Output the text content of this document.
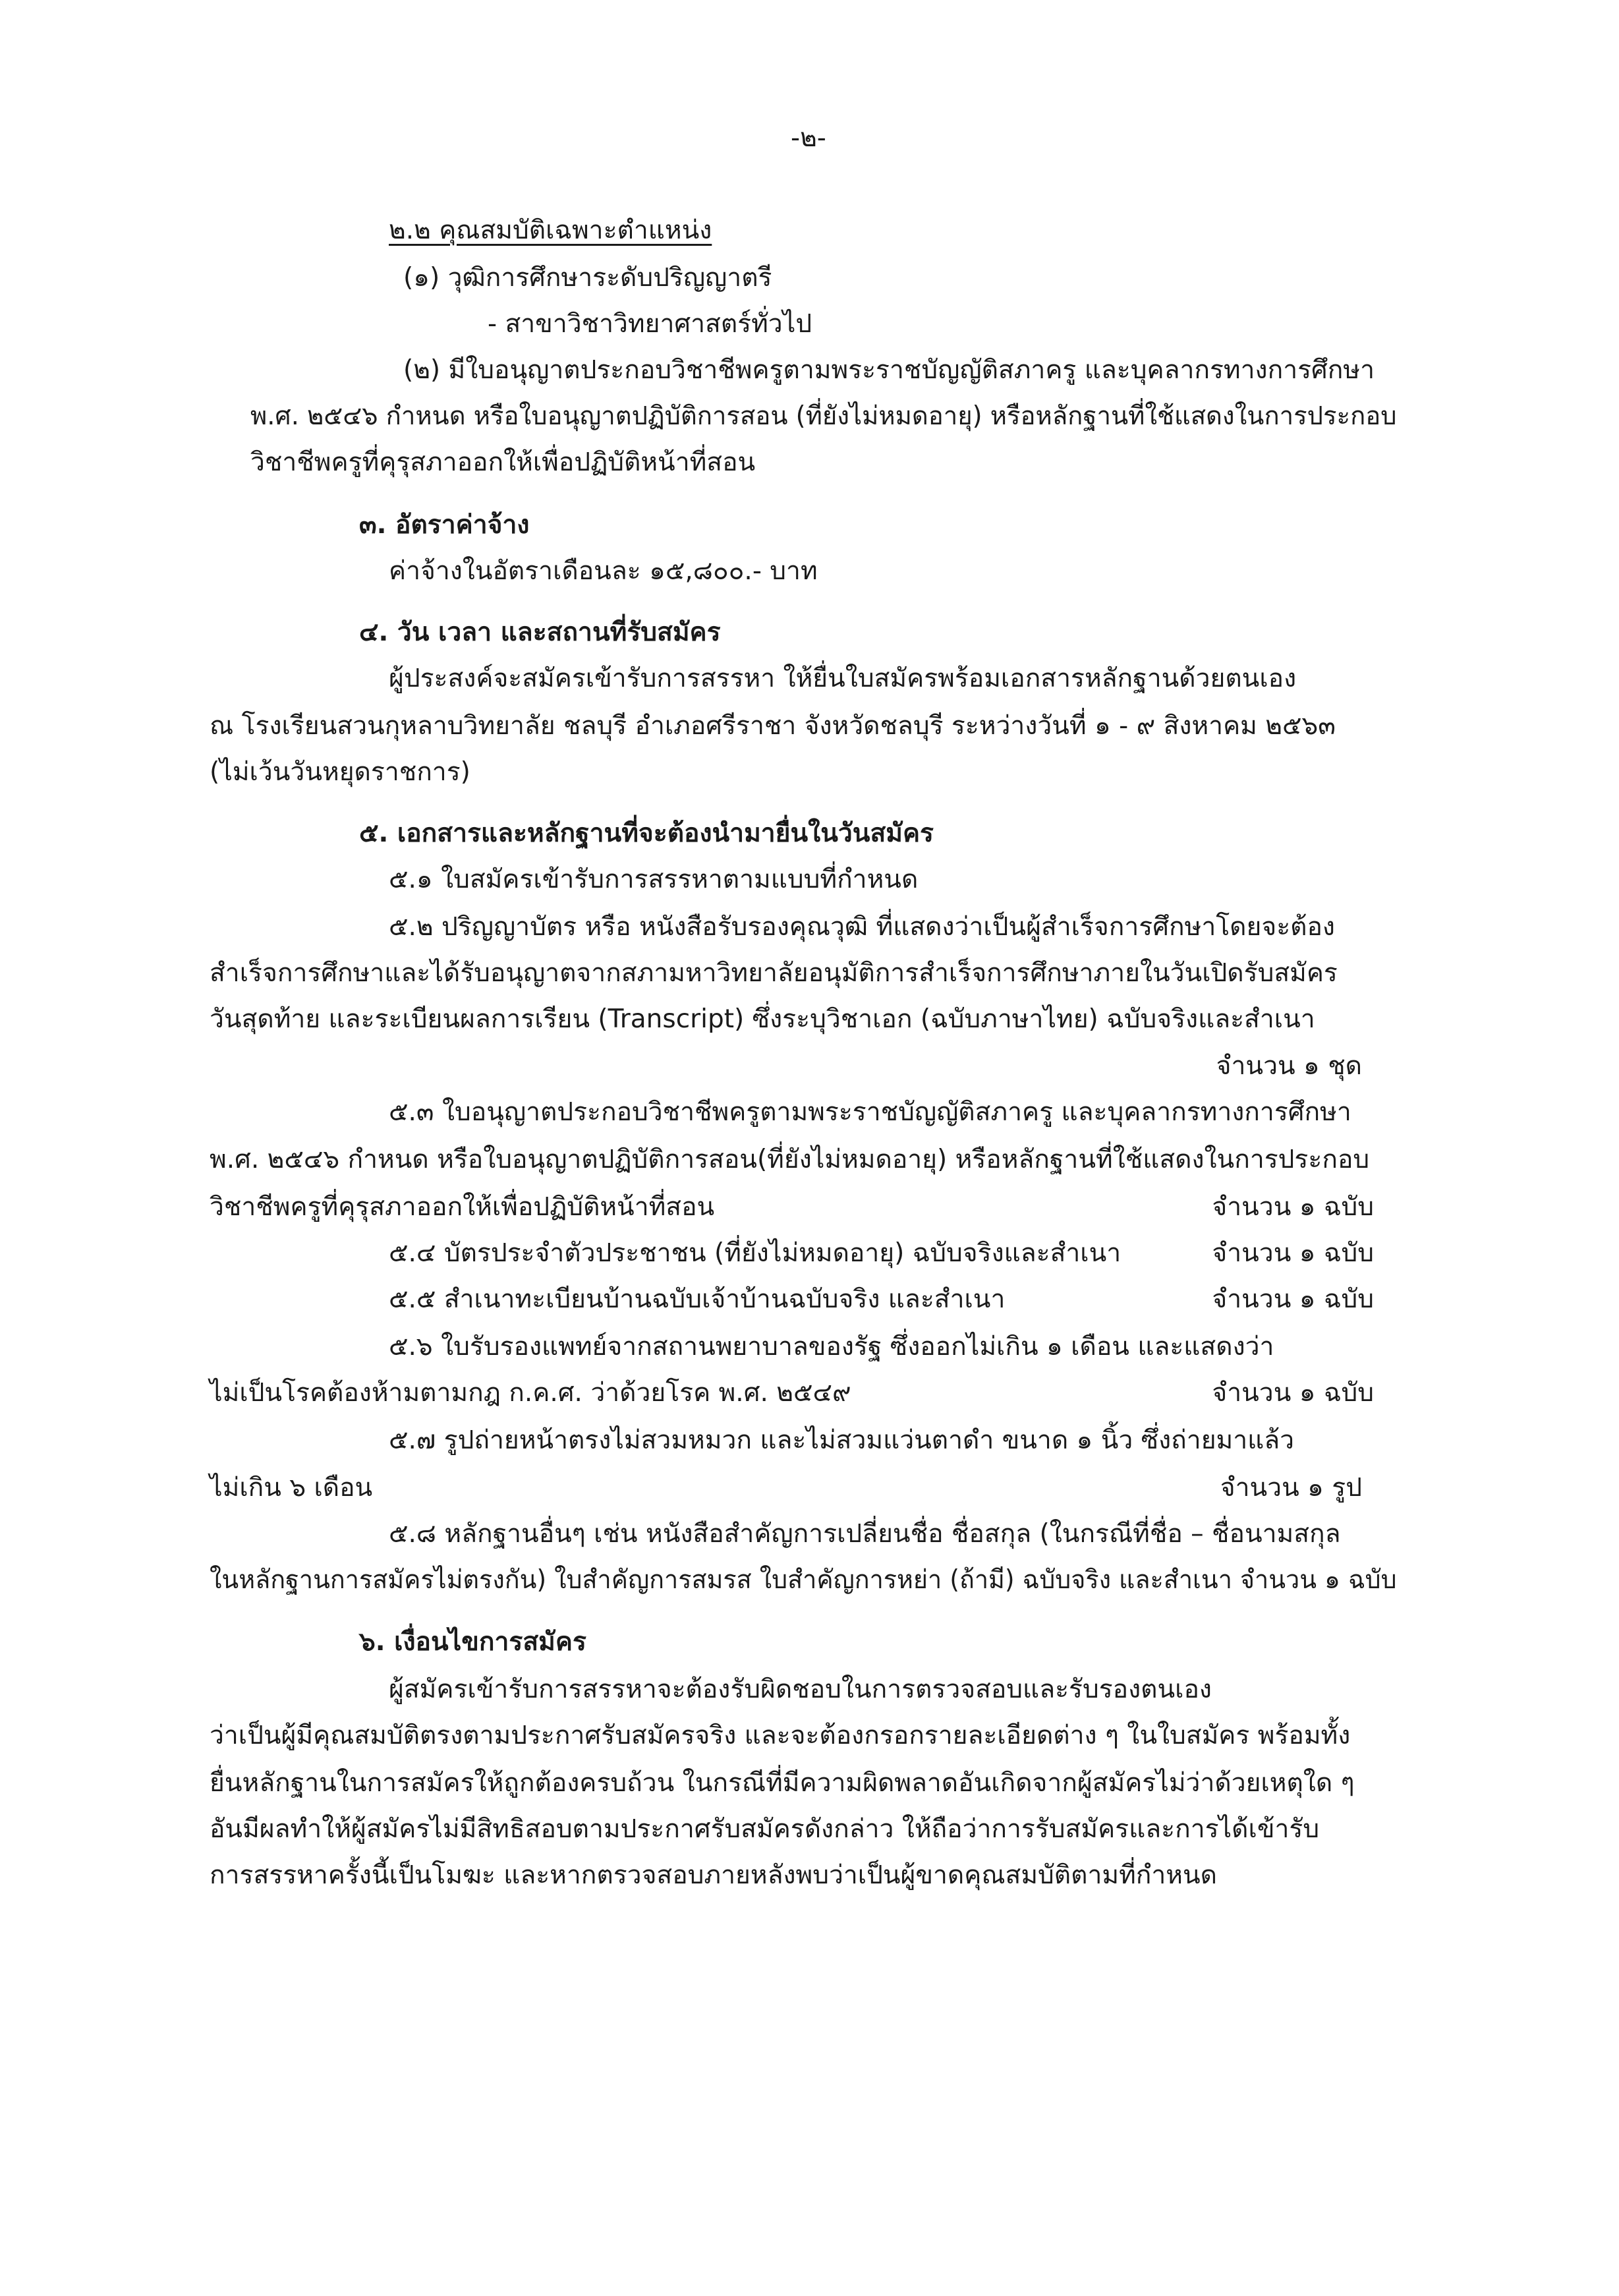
-๒-
๒.๒ คุณสมบัติเฉพาะตำแหน่ง
(๑) วุฒิการศึกษาระดับปริญญาตรี
- สาขาวิชาวิทยาศาสตร์ทั่วไป
(๒) มีใบอนุญาตประกอบวิชาชีพครูตามพระราชบัญญัติสภาครู และบุคลากรทางการศึกษา
พ.ศ. ๒๕๔๖ กำหนด หรือใบอนุญาตปฏิบัติการสอน (ที่ยังไม่หมดอายุ) หรือหลักฐานที่ใช้แสดงในการประกอบ
วิชาชีพครูที่คุรุสภาออกให้เพื่อปฏิบัติหน้าที่สอน
๓. อัตราค่าจ้าง
ค่าจ้างในอัตราเดือนละ ๑๕,๘๐๐.- บาท
๔. วัน เวลา และสถานที่รับสมัคร
ผู้ประสงค์จะสมัครเข้ารับการสรรหา ให้ยื่นใบสมัครพร้อมเอกสารหลักฐานด้วยตนเอง
ณ โรงเรียนสวนกุหลาบวิทยาลัย ชลบุรี อำเภอศรีราชา จังหวัดชลบุรี ระหว่างวันที่ ๑ - ๙ สิงหาคม ๒๕๖๓
(ไม่เว้นวันหยุดราชการ)
๕. เอกสารและหลักฐานที่จะต้องนำมายื่นในวันสมัคร
๕.๑ ใบสมัครเข้ารับการสรรหาตามแบบที่กำหนด
๕.๒ ปริญญาบัตร หรือ หนังสือรับรองคุณวุฒิ ที่แสดงว่าเป็นผู้สำเร็จการศึกษาโดยจะต้อง
สำเร็จการศึกษาและได้รับอนุญาตจากสภามหาวิทยาลัยอนุมัติการสำเร็จการศึกษาภายในวันเปิดรับสมัคร
วันสุดท้าย และระเบียนผลการเรียน (Transcript) ซึ่งระบุวิชาเอก (ฉบับภาษาไทย) ฉบับจริงและสำเนา
จำนวน ๑ ชุด
๕.๓ ใบอนุญาตประกอบวิชาชีพครูตามพระราชบัญญัติสภาครู และบุคลากรทางการศึกษา
พ.ศ. ๒๕๔๖ กำหนด หรือใบอนุญาตปฏิบัติการสอน(ที่ยังไม่หมดอายุ) หรือหลักฐานที่ใช้แสดงในการประกอบ
วิชาชีพครูที่คุรุสภาออกให้เพื่อปฏิบัติหน้าที่สอน	จำนวน ๑ ฉบับ
๕.๔ บัตรประจำตัวประชาชน (ที่ยังไม่หมดอายุ) ฉบับจริงและสำเนา	จำนวน ๑ ฉบับ
๕.๕ สำเนาทะเบียนบ้านฉบับเจ้าบ้านฉบับจริง และสำเนา	จำนวน ๑ ฉบับ
๕.๖ ใบรับรองแพทย์จากสถานพยาบาลของรัฐ ซึ่งออกไม่เกิน ๑ เดือน และแสดงว่า
ไม่เป็นโรคต้องห้ามตามกฎ ก.ค.ศ. ว่าด้วยโรค พ.ศ. ๒๕๔๙	จำนวน ๑ ฉบับ
๕.๗ รูปถ่ายหน้าตรงไม่สวมหมวก และไม่สวมแว่นตาดำ ขนาด ๑ นิ้ว ซึ่งถ่ายมาแล้ว
ไม่เกิน ๖ เดือน	จำนวน ๑ รูป
๕.๘ หลักฐานอื่นๆ เช่น หนังสือสำคัญการเปลี่ยนชื่อ ชื่อสกุล (ในกรณีที่ชื่อ – ชื่อนามสกุล
ในหลักฐานการสมัครไม่ตรงกัน) ใบสำคัญการสมรส ใบสำคัญการหย่า (ถ้ามี) ฉบับจริง และสำเนา จำนวน ๑ ฉบับ
๖. เงื่อนไขการสมัคร
ผู้สมัครเข้ารับการสรรหาจะต้องรับผิดชอบในการตรวจสอบและรับรองตนเอง
ว่าเป็นผู้มีคุณสมบัติตรงตามประกาศรับสมัครจริง และจะต้องกรอกรายละเอียดต่าง ๆ ในใบสมัคร พร้อมทั้ง
ยื่นหลักฐานในการสมัครให้ถูกต้องครบถ้วน ในกรณีที่มีความผิดพลาดอันเกิดจากผู้สมัครไม่ว่าด้วยเหตุใด ๆ
อันมีผลทำให้ผู้สมัครไม่มีสิทธิสอบตามประกาศรับสมัครดังกล่าว ให้ถือว่าการรับสมัครและการได้เข้ารับ
การสรรหาครั้งนี้เป็นโมฆะ และหากตรวจสอบภายหลังพบว่าเป็นผู้ขาดคุณสมบัติตามที่กำหนด
